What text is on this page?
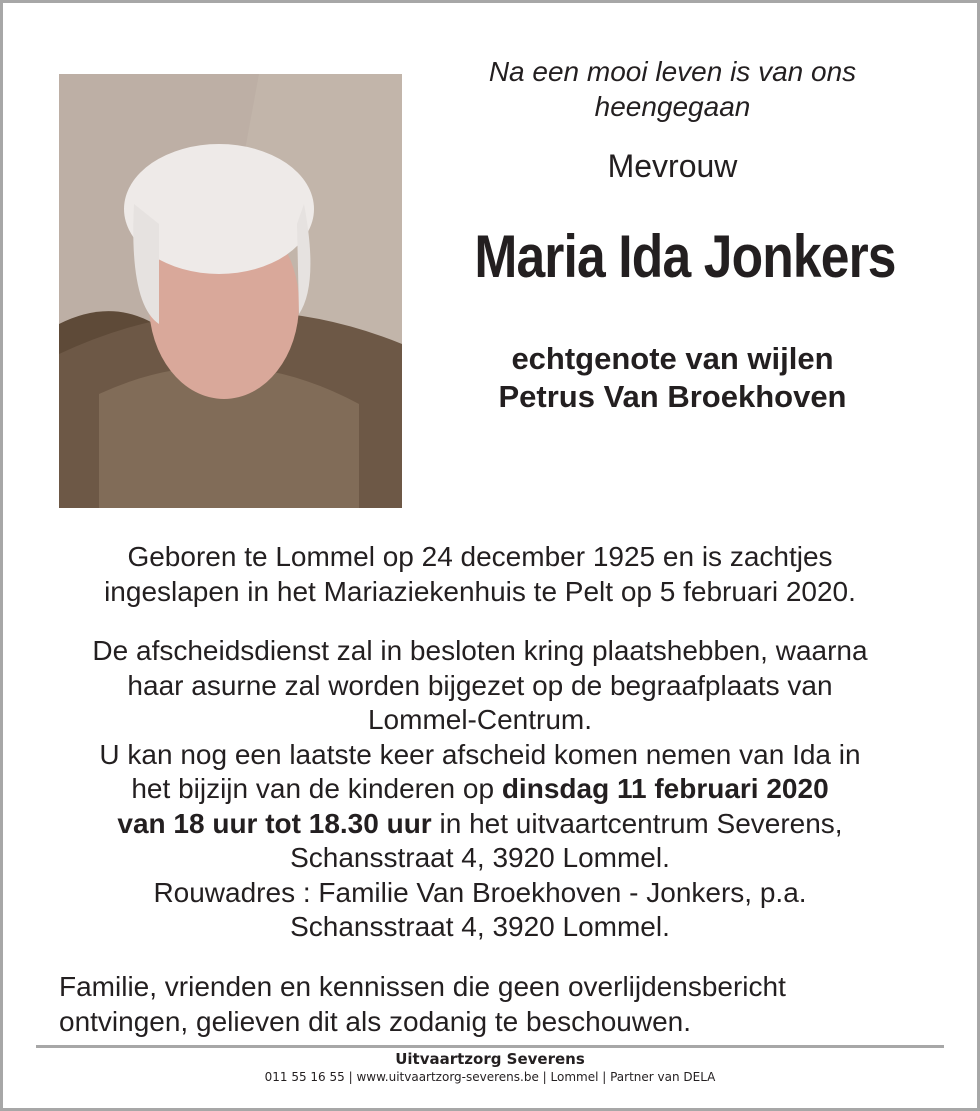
Na een mooi leven is van ons
heengegaan
Mevrouw
Maria Ida Jonkers
echtgenote van wijlen
Petrus Van Broekhoven
Geboren te Lommel op 24 december 1925 en is zachtjes
ingeslapen in het Mariaziekenhuis te Pelt op 5 februari 2020.
De afscheidsdienst zal in besloten kring plaatshebben, waarna
haar asurne zal worden bijgezet op de begraafplaats van
Lommel-Centrum.
U kan nog een laatste keer afscheid komen nemen van Ida in
het bijzijn van de kinderen op dinsdag 11 februari 2020
van 18 uur tot 18.30 uur in het uitvaartcentrum Severens,
Schansstraat 4, 3920 Lommel.
Rouwadres : Familie Van Broekhoven - Jonkers, p.a.
Schansstraat 4, 3920 Lommel.
Familie, vrienden en kennissen die geen overlijdensbericht
ontvingen, gelieven dit als zodanig te beschouwen.
Uitvaartzorg Severens
011 55 16 55 | www.uitvaartzorg-severens.be | Lommel | Partner van DELA
